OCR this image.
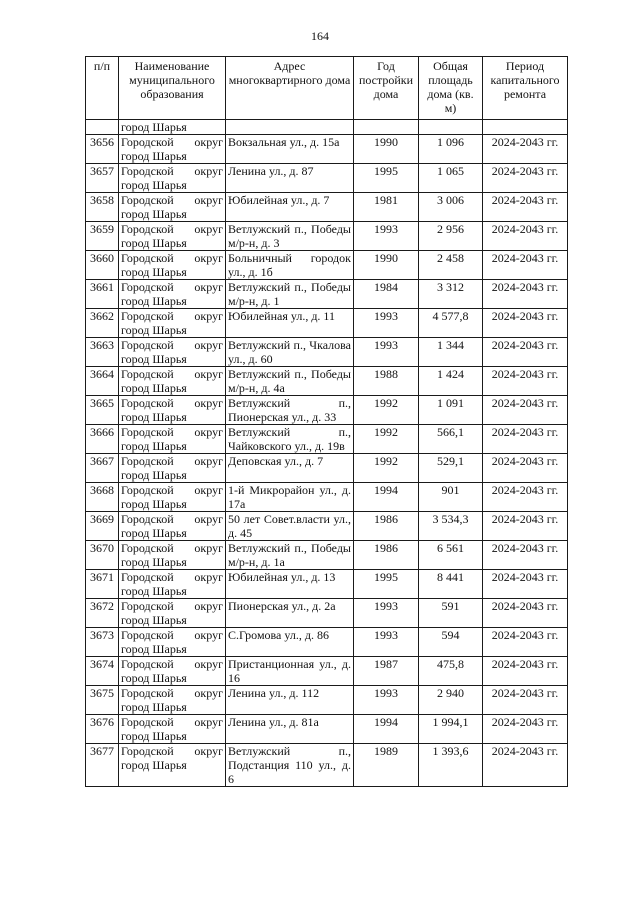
164
п/п	Наименование муниципального образования	Адрес многоквартирного дома	Год постройки дома	Общая площадь дома (кв. м)	Период капитального ремонта
	город Шарья				
3656	Городской округ город Шарья	Вокзальная ул., д. 15а	1990	1 096	2024-2043 гг.
3657	Городской округ город Шарья	Ленина ул., д. 87	1995	1 065	2024-2043 гг.
3658	Городской округ город Шарья	Юбилейная ул., д. 7	1981	3 006	2024-2043 гг.
3659	Городской округ город Шарья	Ветлужский п., Победы м/р-н, д. 3	1993	2 956	2024-2043 гг.
3660	Городской округ город Шарья	Больничный городок ул., д. 1б	1990	2 458	2024-2043 гг.
3661	Городской округ город Шарья	Ветлужский п., Победы м/р-н, д. 1	1984	3 312	2024-2043 гг.
3662	Городской округ город Шарья	Юбилейная ул., д. 11	1993	4 577,8	2024-2043 гг.
3663	Городской округ город Шарья	Ветлужский п., Чкалова ул., д. 60	1993	1 344	2024-2043 гг.
3664	Городской округ город Шарья	Ветлужский п., Победы м/р-н, д. 4а	1988	1 424	2024-2043 гг.
3665	Городской округ город Шарья	Ветлужский п., Пионерская ул., д. 33	1992	1 091	2024-2043 гг.
3666	Городской округ город Шарья	Ветлужский п., Чайковского ул., д. 19в	1992	566,1	2024-2043 гг.
3667	Городской округ город Шарья	Деповская ул., д. 7	1992	529,1	2024-2043 гг.
3668	Городской округ город Шарья	1-й Микрорайон ул., д. 17а	1994	901	2024-2043 гг.
3669	Городской округ город Шарья	50 лет Совет.власти ул., д. 45	1986	3 534,3	2024-2043 гг.
3670	Городской округ город Шарья	Ветлужский п., Победы м/р-н, д. 1а	1986	6 561	2024-2043 гг.
3671	Городской округ город Шарья	Юбилейная ул., д. 13	1995	8 441	2024-2043 гг.
3672	Городской округ город Шарья	Пионерская ул., д. 2а	1993	591	2024-2043 гг.
3673	Городской округ город Шарья	С.Громова ул., д. 86	1993	594	2024-2043 гг.
3674	Городской округ город Шарья	Пристанционная ул., д. 16	1987	475,8	2024-2043 гг.
3675	Городской округ город Шарья	Ленина ул., д. 112	1993	2 940	2024-2043 гг.
3676	Городской округ город Шарья	Ленина ул., д. 81а	1994	1 994,1	2024-2043 гг.
3677	Городской округ город Шарья	Ветлужский п., Подстанция 110 ул., д. 6	1989	1 393,6	2024-2043 гг.
